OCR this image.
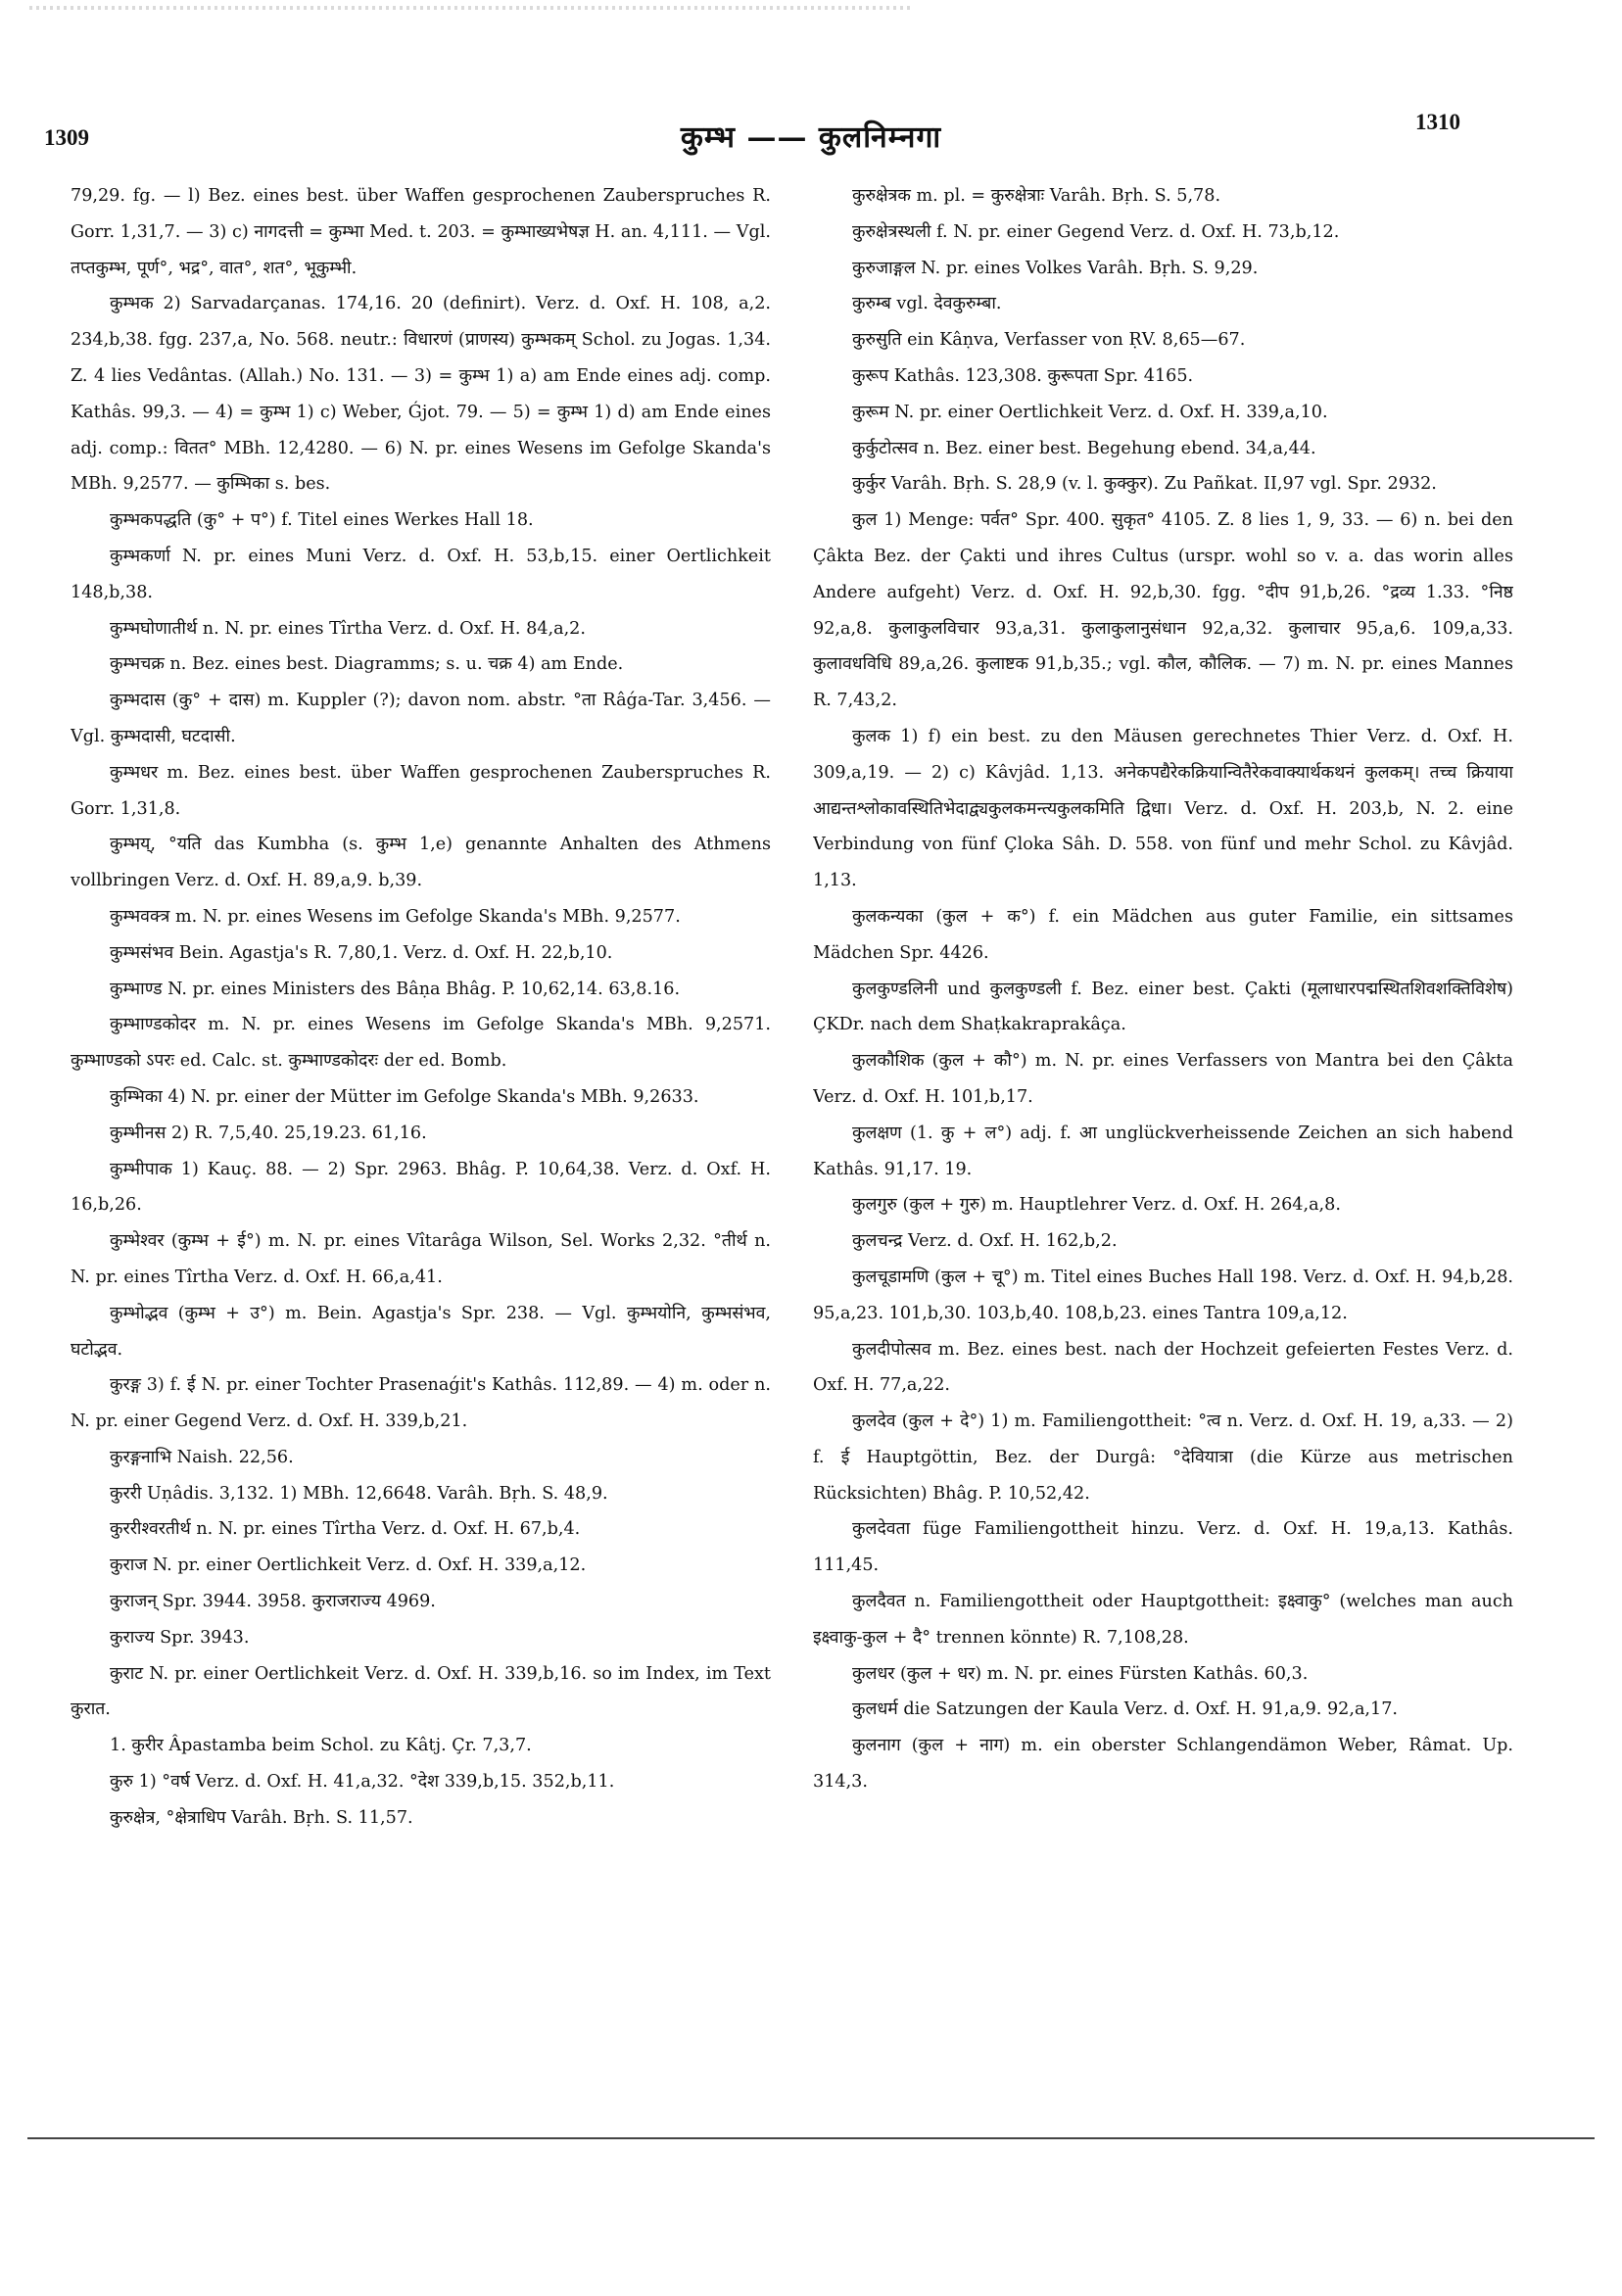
1309	कुम्भ —— कुलनिम्नगा	1310

79,29. fg. — l) Bez. eines best. über Waffen gesprochenen Zauberspruches R. Gorr. 1,31,7. — 3) c) नागदत्ती = कुम्भा Med. t. 203. = कुम्भाख्यभेषज्ञ H. an. 4,111. — Vgl. तप्तकुम्भ, पूर्ण°, भद्र°, वात°, शत°, भूकुम्भी.

कुम्भक 2) Sarvadarçanas. 174,16. 20 (definirt). Verz. d. Oxf. H. 108, a,2. 234,b,38. fgg. 237,a, No. 568. neutr.: विधारणं (प्राणस्य) कुम्भकम् Schol. zu Jogas. 1,34. Z. 4 lies Vedântas. (Allah.) No. 131. — 3) = कुम्भ 1) a) am Ende eines adj. comp. Kathâs. 99,3. — 4) = कुम्भ 1) c) Weber, Ǵjot. 79. — 5) = कुम्भ 1) d) am Ende eines adj. comp.: वितत° MBh. 12,4280. — 6) N. pr. eines Wesens im Gefolge Skanda's MBh. 9,2577. — कुम्भिका s. bes.

कुम्भकपद्धति (कु° + प°) f. Titel eines Werkes Hall 18.

कुम्भकर्णा N. pr. eines Muni Verz. d. Oxf. H. 53,b,15. einer Oertlichkeit 148,b,38.

कुम्भघोणातीर्थ n. N. pr. eines Tîrtha Verz. d. Oxf. H. 84,a,2.

कुम्भचक्र n. Bez. eines best. Diagramms; s. u. चक्र 4) am Ende.

कुम्भदास (कु° + दास) m. Kuppler (?); davon nom. abstr. °ता Râǵa-Tar. 3,456. — Vgl. कुम्भदासी, घटदासी.

कुम्भधर m. Bez. eines best. über Waffen gesprochenen Zauberspruches R. Gorr. 1,31,8.

कुम्भय्, °यति das Kumbha (s. कुम्भ 1,e) genannte Anhalten des Athmens vollbringen Verz. d. Oxf. H. 89,a,9. b,39.

कुम्भवक्त्र m. N. pr. eines Wesens im Gefolge Skanda's MBh. 9,2577.

कुम्भसंभव Bein. Agastja's R. 7,80,1. Verz. d. Oxf. H. 22,b,10.

कुम्भाण्ड N. pr. eines Ministers des Bâṇa Bhâg. P. 10,62,14. 63,8.16.

कुम्भाण्डकोदर m. N. pr. eines Wesens im Gefolge Skanda's MBh. 9,2571. कुम्भाण्डको ऽपरः ed. Calc. st. कुम्भाण्डकोदरः der ed. Bomb.

कुम्भिका 4) N. pr. einer der Mütter im Gefolge Skanda's MBh. 9,2633.

कुम्भीनस 2) R. 7,5,40. 25,19.23. 61,16.

कुम्भीपाक 1) Kauç. 88. — 2) Spr. 2963. Bhâg. P. 10,64,38. Verz. d. Oxf. H. 16,b,26.

कुम्भेश्वर (कुम्भ + ई°) m. N. pr. eines Vîtarâga Wilson, Sel. Works 2,32. °तीर्थ n. N. pr. eines Tîrtha Verz. d. Oxf. H. 66,a,41.

कुम्भोद्भव (कुम्भ + उ°) m. Bein. Agastja's Spr. 238. — Vgl. कुम्भयोनि, कुम्भसंभव, घटोद्भव.

कुरङ्ग 3) f. ई N. pr. einer Tochter Prasenaǵit's Kathâs. 112,89. — 4) m. oder n. N. pr. einer Gegend Verz. d. Oxf. H. 339,b,21.

कुरङ्गनाभि Naish. 22,56.

कुररी Uṇâdis. 3,132. 1) MBh. 12,6648. Varâh. Bṛh. S. 48,9.

कुररीश्वरतीर्थ n. N. pr. eines Tîrtha Verz. d. Oxf. H. 67,b,4.

कुराज N. pr. einer Oertlichkeit Verz. d. Oxf. H. 339,a,12.

कुराजन् Spr. 3944. 3958. कुराजराज्य 4969.

कुराज्य Spr. 3943.

कुराट N. pr. einer Oertlichkeit Verz. d. Oxf. H. 339,b,16. so im Index, im Text कुरात.

1. कुरीर Âpastamba beim Schol. zu Kâtj. Çr. 7,3,7.

कुरु 1) °वर्ष Verz. d. Oxf. H. 41,a,32. °देश 339,b,15. 352,b,11.

कुरुक्षेत्र, °क्षेत्राधिप Varâh. Bṛh. S. 11,57.

कुरुक्षेत्रक m. pl. = कुरुक्षेत्राः Varâh. Bṛh. S. 5,78.

कुरुक्षेत्रस्थली f. N. pr. einer Gegend Verz. d. Oxf. H. 73,b,12.

कुरुजाङ्गल N. pr. eines Volkes Varâh. Bṛh. S. 9,29.

कुरुम्ब vgl. देवकुरुम्बा.

कुरुसुति ein Kâṇva, Verfasser von ṚV. 8,65—67.

कुरूप Kathâs. 123,308. कुरूपता Spr. 4165.

कुरूम N. pr. einer Oertlichkeit Verz. d. Oxf. H. 339,a,10.

कुर्कुटोत्सव n. Bez. einer best. Begehung ebend. 34,a,44.

कुर्कुर Varâh. Bṛh. S. 28,9 (v. l. कुक्कुर). Zu Pañkat. II,97 vgl. Spr. 2932.

कुल 1) Menge: पर्वत° Spr. 400. सुकृत° 4105. Z. 8 lies 1, 9, 33. — 6) n. bei den Çâkta Bez. der Çakti und ihres Cultus (urspr. wohl so v. a. das worin alles Andere aufgeht) Verz. d. Oxf. H. 92,b,30. fgg. °दीप 91,b,26. °द्रव्य 1.33. °निष्ठ 92,a,8. कुलाकुलविचार 93,a,31. कुलाकुलानुसंधान 92,a,32. कुलाचार 95,a,6. 109,a,33. कुलावधविधि 89,a,26. कुलाष्टक 91,b,35.; vgl. कौल, कौलिक. — 7) m. N. pr. eines Mannes R. 7,43,2.

कुलक 1) f) ein best. zu den Mäusen gerechnetes Thier Verz. d. Oxf. H. 309,a,19. — 2) c) Kâvjâd. 1,13. अनेकपद्यैरेकक्रियान्वितैरेकवाक्यार्थकथनं कुलकम्। तच्च क्रियाया आद्यन्तश्लोकावस्थितिभेदाद्व्यकुलकमन्त्यकुलकमिति द्विधा। Verz. d. Oxf. H. 203,b, N. 2. eine Verbindung von fünf Çloka Sâh. D. 558. von fünf und mehr Schol. zu Kâvjâd. 1,13.

कुलकन्यका (कुल + क°) f. ein Mädchen aus guter Familie, ein sittsames Mädchen Spr. 4426.

कुलकुण्डलिनी und कुलकुण्डली f. Bez. einer best. Çakti (मूलाधारपद्मस्थितशिवशक्तिविशेष) ÇKDr. nach dem Shaṭkakraprakâça.

कुलकौशिक (कुल + कौ°) m. N. pr. eines Verfassers von Mantra bei den Çâkta Verz. d. Oxf. H. 101,b,17.

कुलक्षण (1. कु + ल°) adj. f. आ unglückverheissende Zeichen an sich habend Kathâs. 91,17. 19.

कुलगुरु (कुल + गुरु) m. Hauptlehrer Verz. d. Oxf. H. 264,a,8.

कुलचन्द्र Verz. d. Oxf. H. 162,b,2.

कुलचूडामणि (कुल + चू°) m. Titel eines Buches Hall 198. Verz. d. Oxf. H. 94,b,28. 95,a,23. 101,b,30. 103,b,40. 108,b,23. eines Tantra 109,a,12.

कुलदीपोत्सव m. Bez. eines best. nach der Hochzeit gefeierten Festes Verz. d. Oxf. H. 77,a,22.

कुलदेव (कुल + दे°) 1) m. Familiengottheit: °त्व n. Verz. d. Oxf. H. 19, a,33. — 2) f. ई Hauptgöttin, Bez. der Durgâ: °देवियात्रा (die Kürze aus metrischen Rücksichten) Bhâg. P. 10,52,42.

कुलदेवता füge Familiengottheit hinzu. Verz. d. Oxf. H. 19,a,13. Kathâs. 111,45.

कुलदैवत n. Familiengottheit oder Hauptgottheit: इक्ष्वाकु° (welches man auch इक्ष्वाकु-कुल + दै° trennen könnte) R. 7,108,28.

कुलधर (कुल + धर) m. N. pr. eines Fürsten Kathâs. 60,3.

कुलधर्म die Satzungen der Kaula Verz. d. Oxf. H. 91,a,9. 92,a,17.

कुलनाग (कुल + नाग) m. ein oberster Schlangendämon Weber, Râmat. Up. 314,3.
